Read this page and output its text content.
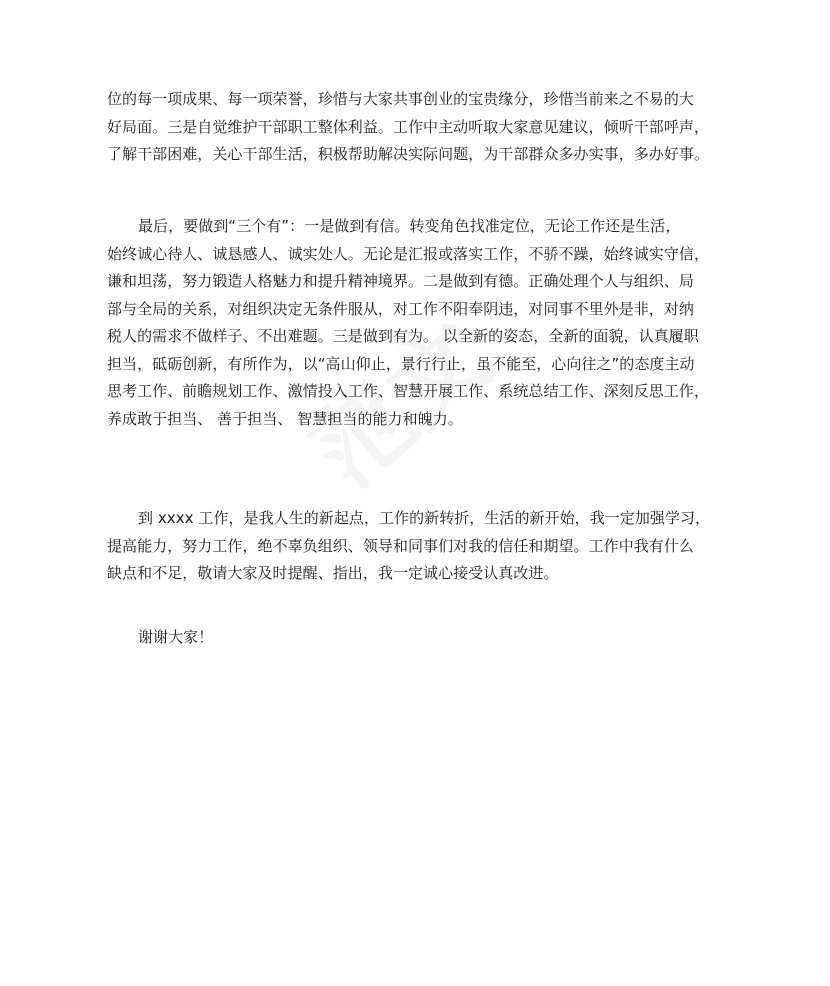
位的每一项成果、每一项荣誉，珍惜与大家共事创业的宝贵缘分，珍惜当前来之不易的大
好局面。三是自觉维护干部职工整体利益。工作中主动听取大家意见建议，倾听干部呼声，
了解干部困难，关心干部生活，积极帮助解决实际问题，为干部群众多办实事，多办好事。
最后，要做到“三个有”：一是做到有信。转变角色找准定位，无论工作还是生活，
始终诚心待人、诚恳感人、诚实处人。无论是汇报或落实工作，不骄不躁，始终诚实守信，
谦和坦荡，努力锻造人格魅力和提升精神境界。二是做到有德。正确处理个人与组织、局
部与全局的关系，对组织决定无条件服从，对工作不阳奉阴违，对同事不里外是非，对纳
税人的需求不做样子、不出难题。三是做到有为。 以全新的姿态，全新的面貌，认真履职
担当，砥砺创新，有所作为，以“高山仰止，景行行止，虽不能至，心向往之”的态度主动
思考工作、前瞻规划工作、激情投入工作、智慧开展工作、系统总结工作、深刻反思工作，
养成敢于担当、 善于担当、 智慧担当的能力和魄力。
到 xxxx 工作，是我人生的新起点，工作的新转折，生活的新开始，我一定加强学习，
提高能力，努力工作，绝不辜负组织、领导和同事们对我的信任和期望。工作中我有什么
缺点和不足，敬请大家及时提醒、指出，我一定诚心接受认真改进。
谢谢大家！
